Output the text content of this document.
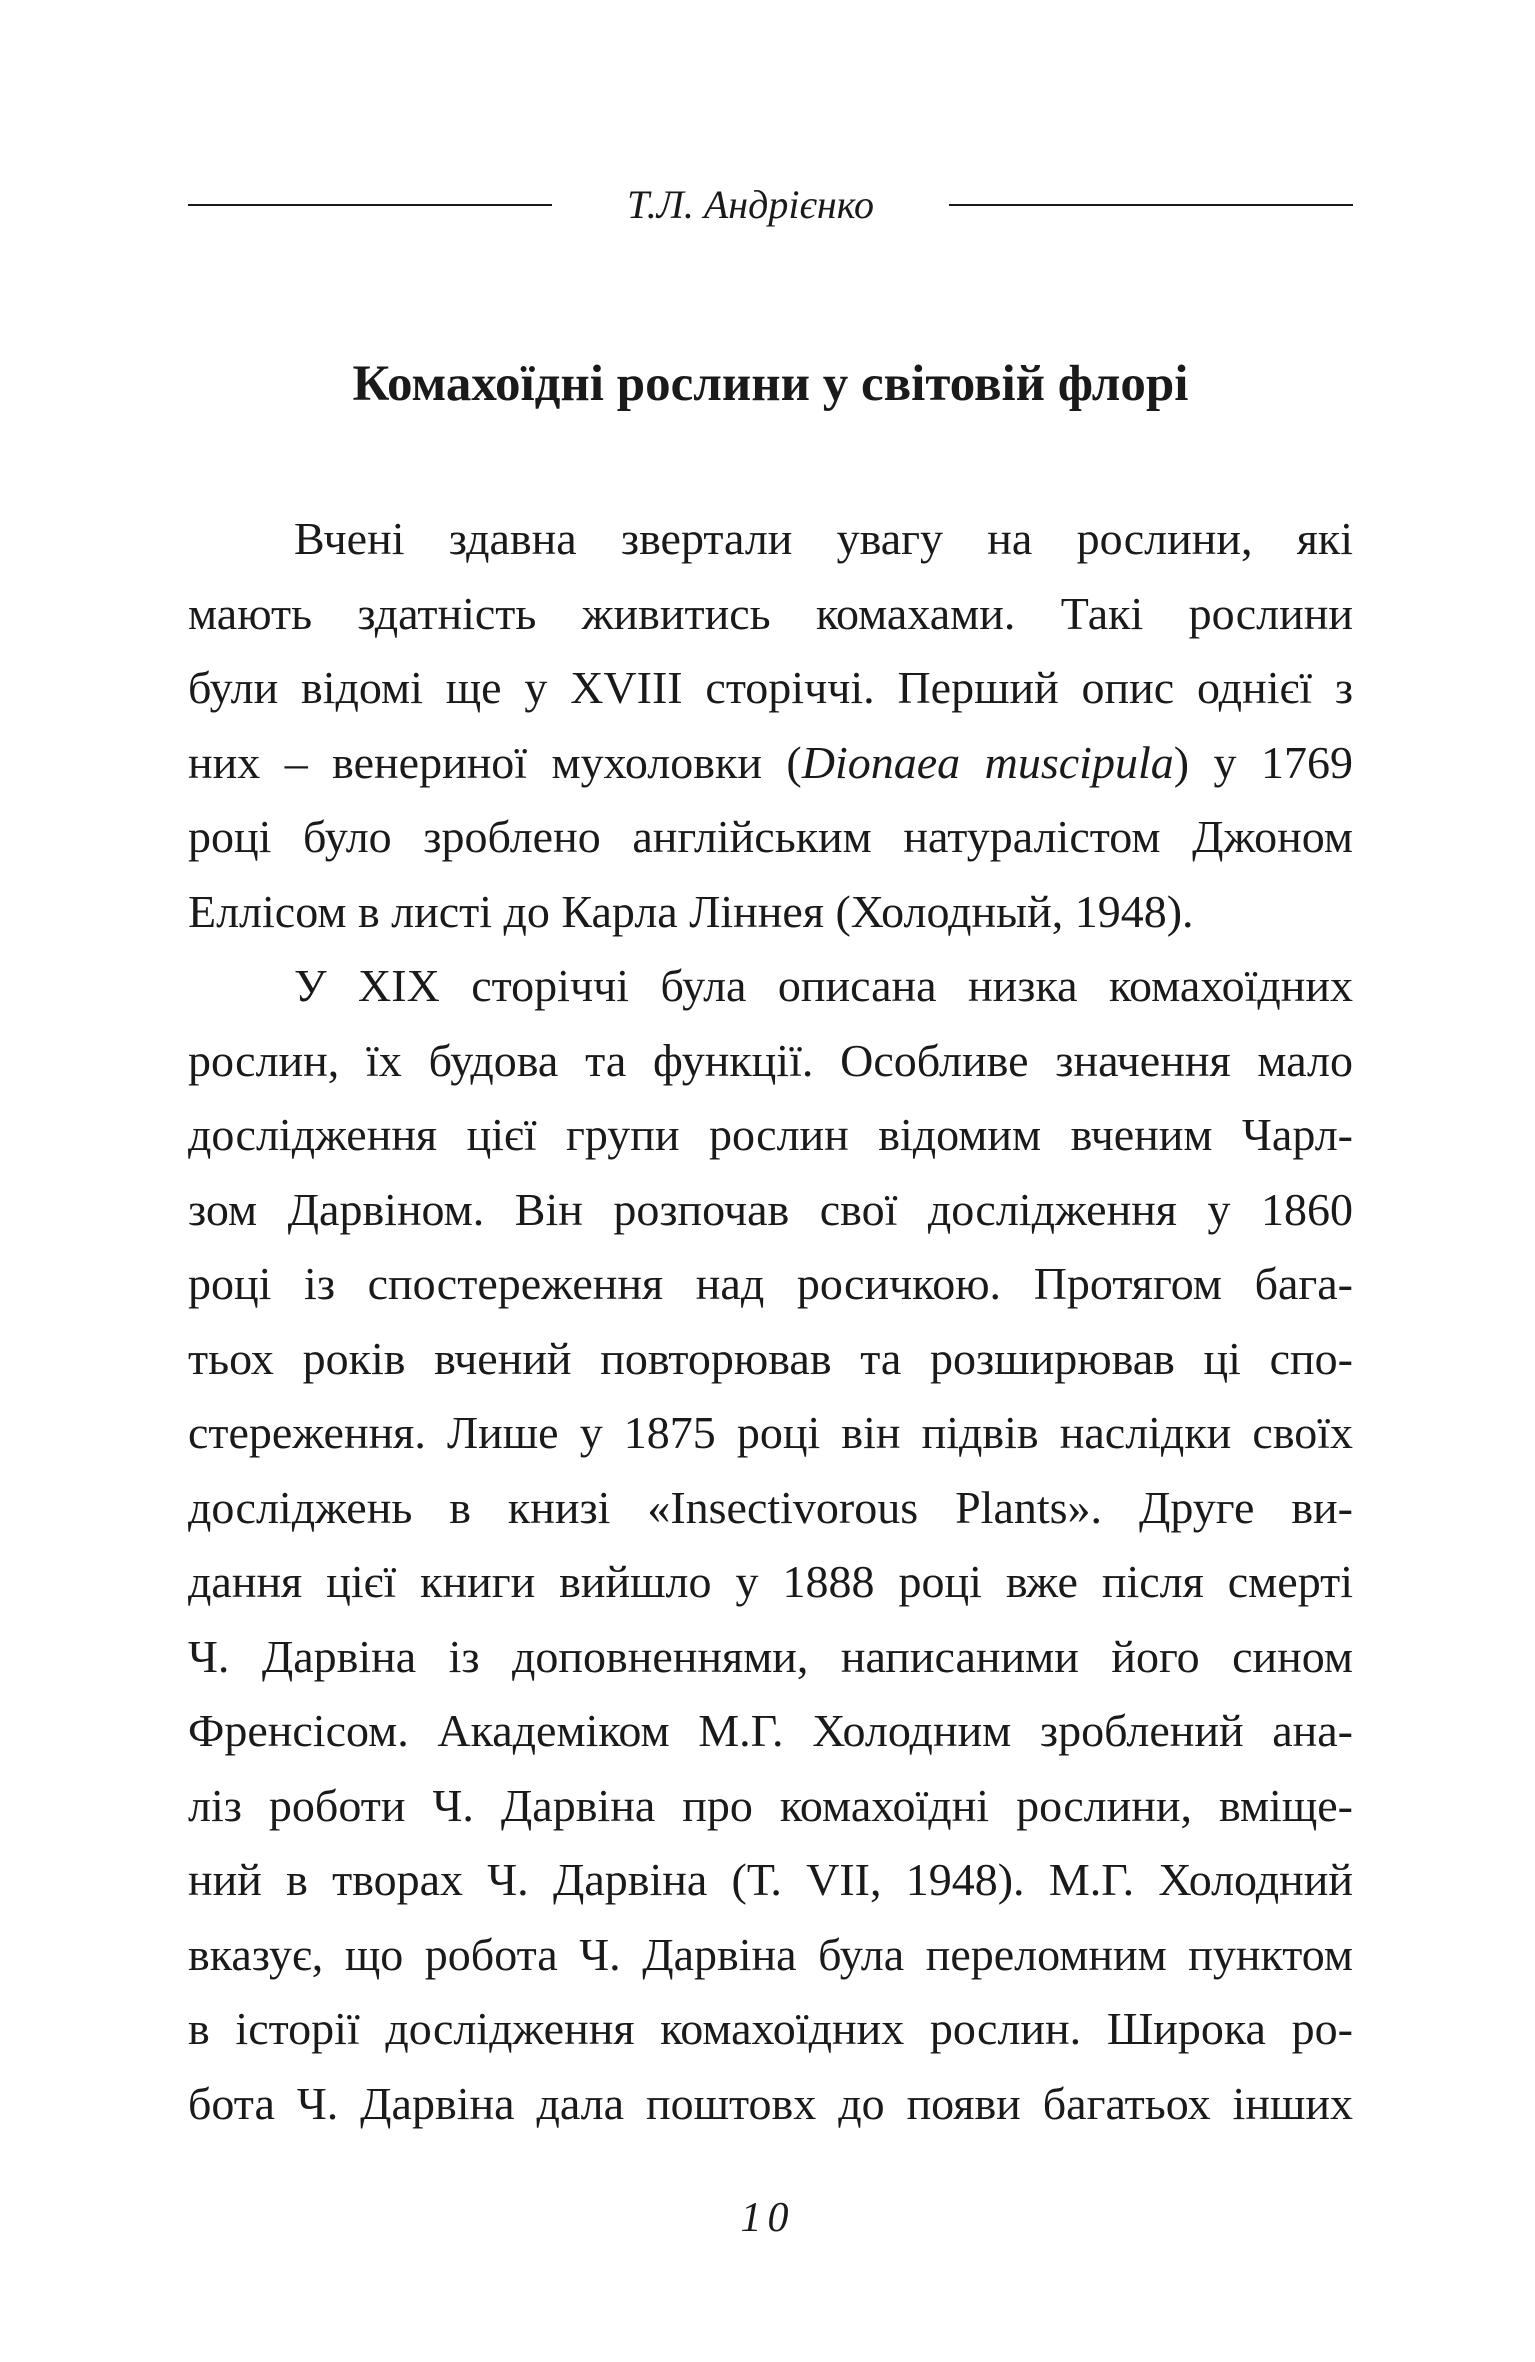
Т.Л. Андрієнко
Комахоїдні рослини у світовій флорі
Вчені здавна звертали увагу на рослини, які
мають здатність живитись комахами. Такі рослини
були відомі ще у XVIII сторіччі. Перший опис однієї з
них – венериної мухоловки (Dionaea muscipula) у 1769
році було зроблено англійським натуралістом Джоном
Еллісом в листі до Карла Ліннея (Холодный, 1948).
У XIX сторіччі була описана низка комахоїдних
рослин, їх будова та функції. Особливе значення мало
дослідження цієї групи рослин відомим вченим Чарл-
зом Дарвіном. Він розпочав свої дослідження у 1860
році із спостереження над росичкою. Протягом бага-
тьох років вчений повторював та розширював ці спо-
стереження. Лише у 1875 році він підвів наслідки своїх
досліджень в книзі «Insectivorous Plants». Друге ви-
дання цієї книги вийшло у 1888 році вже після смерті
Ч. Дарвіна із доповненнями, написаними його сином
Френсісом. Академіком М.Г. Холодним зроблений ана-
ліз роботи Ч. Дарвіна про комахоїдні рослини, вміще-
ний в творах Ч. Дарвіна (Т. VII, 1948). М.Г. Холодний
вказує, що робота Ч. Дарвіна була переломним пунктом
в історії дослідження комахоїдних рослин. Широка ро-
бота Ч. Дарвіна дала поштовх до появи багатьох інших
10
